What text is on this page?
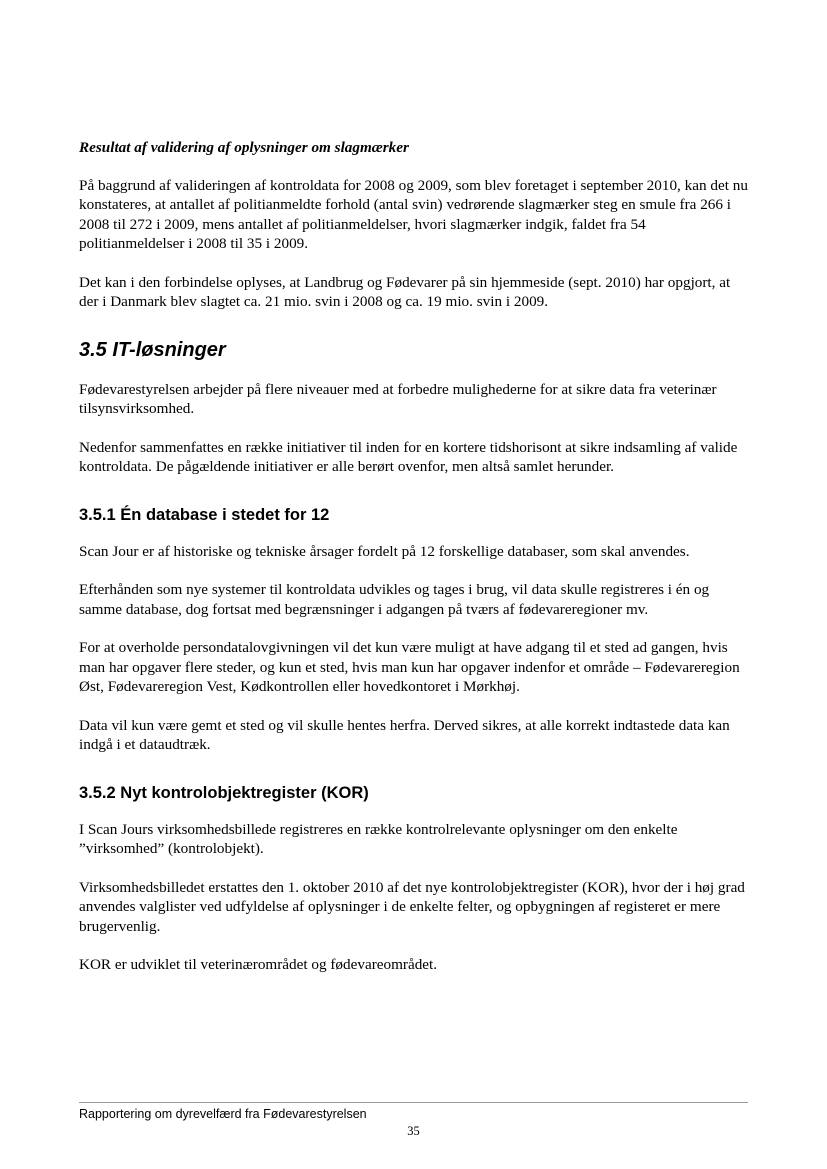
Resultat af validering af oplysninger om slagmærker

På baggrund af valideringen af kontroldata for 2008 og 2009, som blev foretaget i september 2010, kan det nu konstateres, at antallet af politianmeldte forhold (antal svin) vedrørende slagmærker steg en smule fra 266 i 2008 til 272 i 2009, mens antallet af politianmeldelser, hvori slagmærker indgik, faldet fra 54 politianmeldelser i 2008 til 35 i 2009.

Det kan i den forbindelse oplyses, at Landbrug og Fødevarer på sin hjemmeside (sept. 2010) har opgjort, at der i Danmark blev slagtet ca. 21 mio. svin i 2008 og ca. 19 mio. svin i 2009.

3.5 IT-løsninger

Fødevarestyrelsen arbejder på flere niveauer med at forbedre mulighederne for at sikre data fra veterinær tilsynsvirksomhed.

Nedenfor sammenfattes en række initiativer til inden for en kortere tidshorisont at sikre indsamling af valide kontroldata. De pågældende initiativer er alle berørt ovenfor, men altså samlet herunder.

3.5.1 Én database i stedet for 12

Scan Jour er af historiske og tekniske årsager fordelt på 12 forskellige databaser, som skal anvendes.

Efterhånden som nye systemer til kontroldata udvikles og tages i brug, vil data skulle registreres i én og samme database, dog fortsat med begrænsninger i adgangen på tværs af fødevareregioner mv.

For at overholde persondatalovgivningen vil det kun være muligt at have adgang til et sted ad gangen, hvis man har opgaver flere steder, og kun et sted, hvis man kun har opgaver indenfor et område – Fødevareregion Øst, Fødevareregion Vest, Kødkontrollen eller hovedkontoret i Mørkhøj.

Data vil kun være gemt et sted og vil skulle hentes herfra. Derved sikres, at alle korrekt indtastede data kan indgå i et dataudtræk.

3.5.2 Nyt kontrolobjektregister (KOR)

I Scan Jours virksomhedsbillede registreres en række kontrolrelevante oplysninger om den enkelte ”virksomhed” (kontrolobjekt).

Virksomhedsbilledet erstattes den 1. oktober 2010 af det nye kontrolobjektregister (KOR), hvor der i høj grad anvendes valglister ved udfyldelse af oplysninger i de enkelte felter, og opbygningen af registeret er mere brugervenlig.

KOR er udviklet til veterinærområdet og fødevareområdet.

Rapportering om dyrevelfærd fra Fødevarestyrelsen
35
